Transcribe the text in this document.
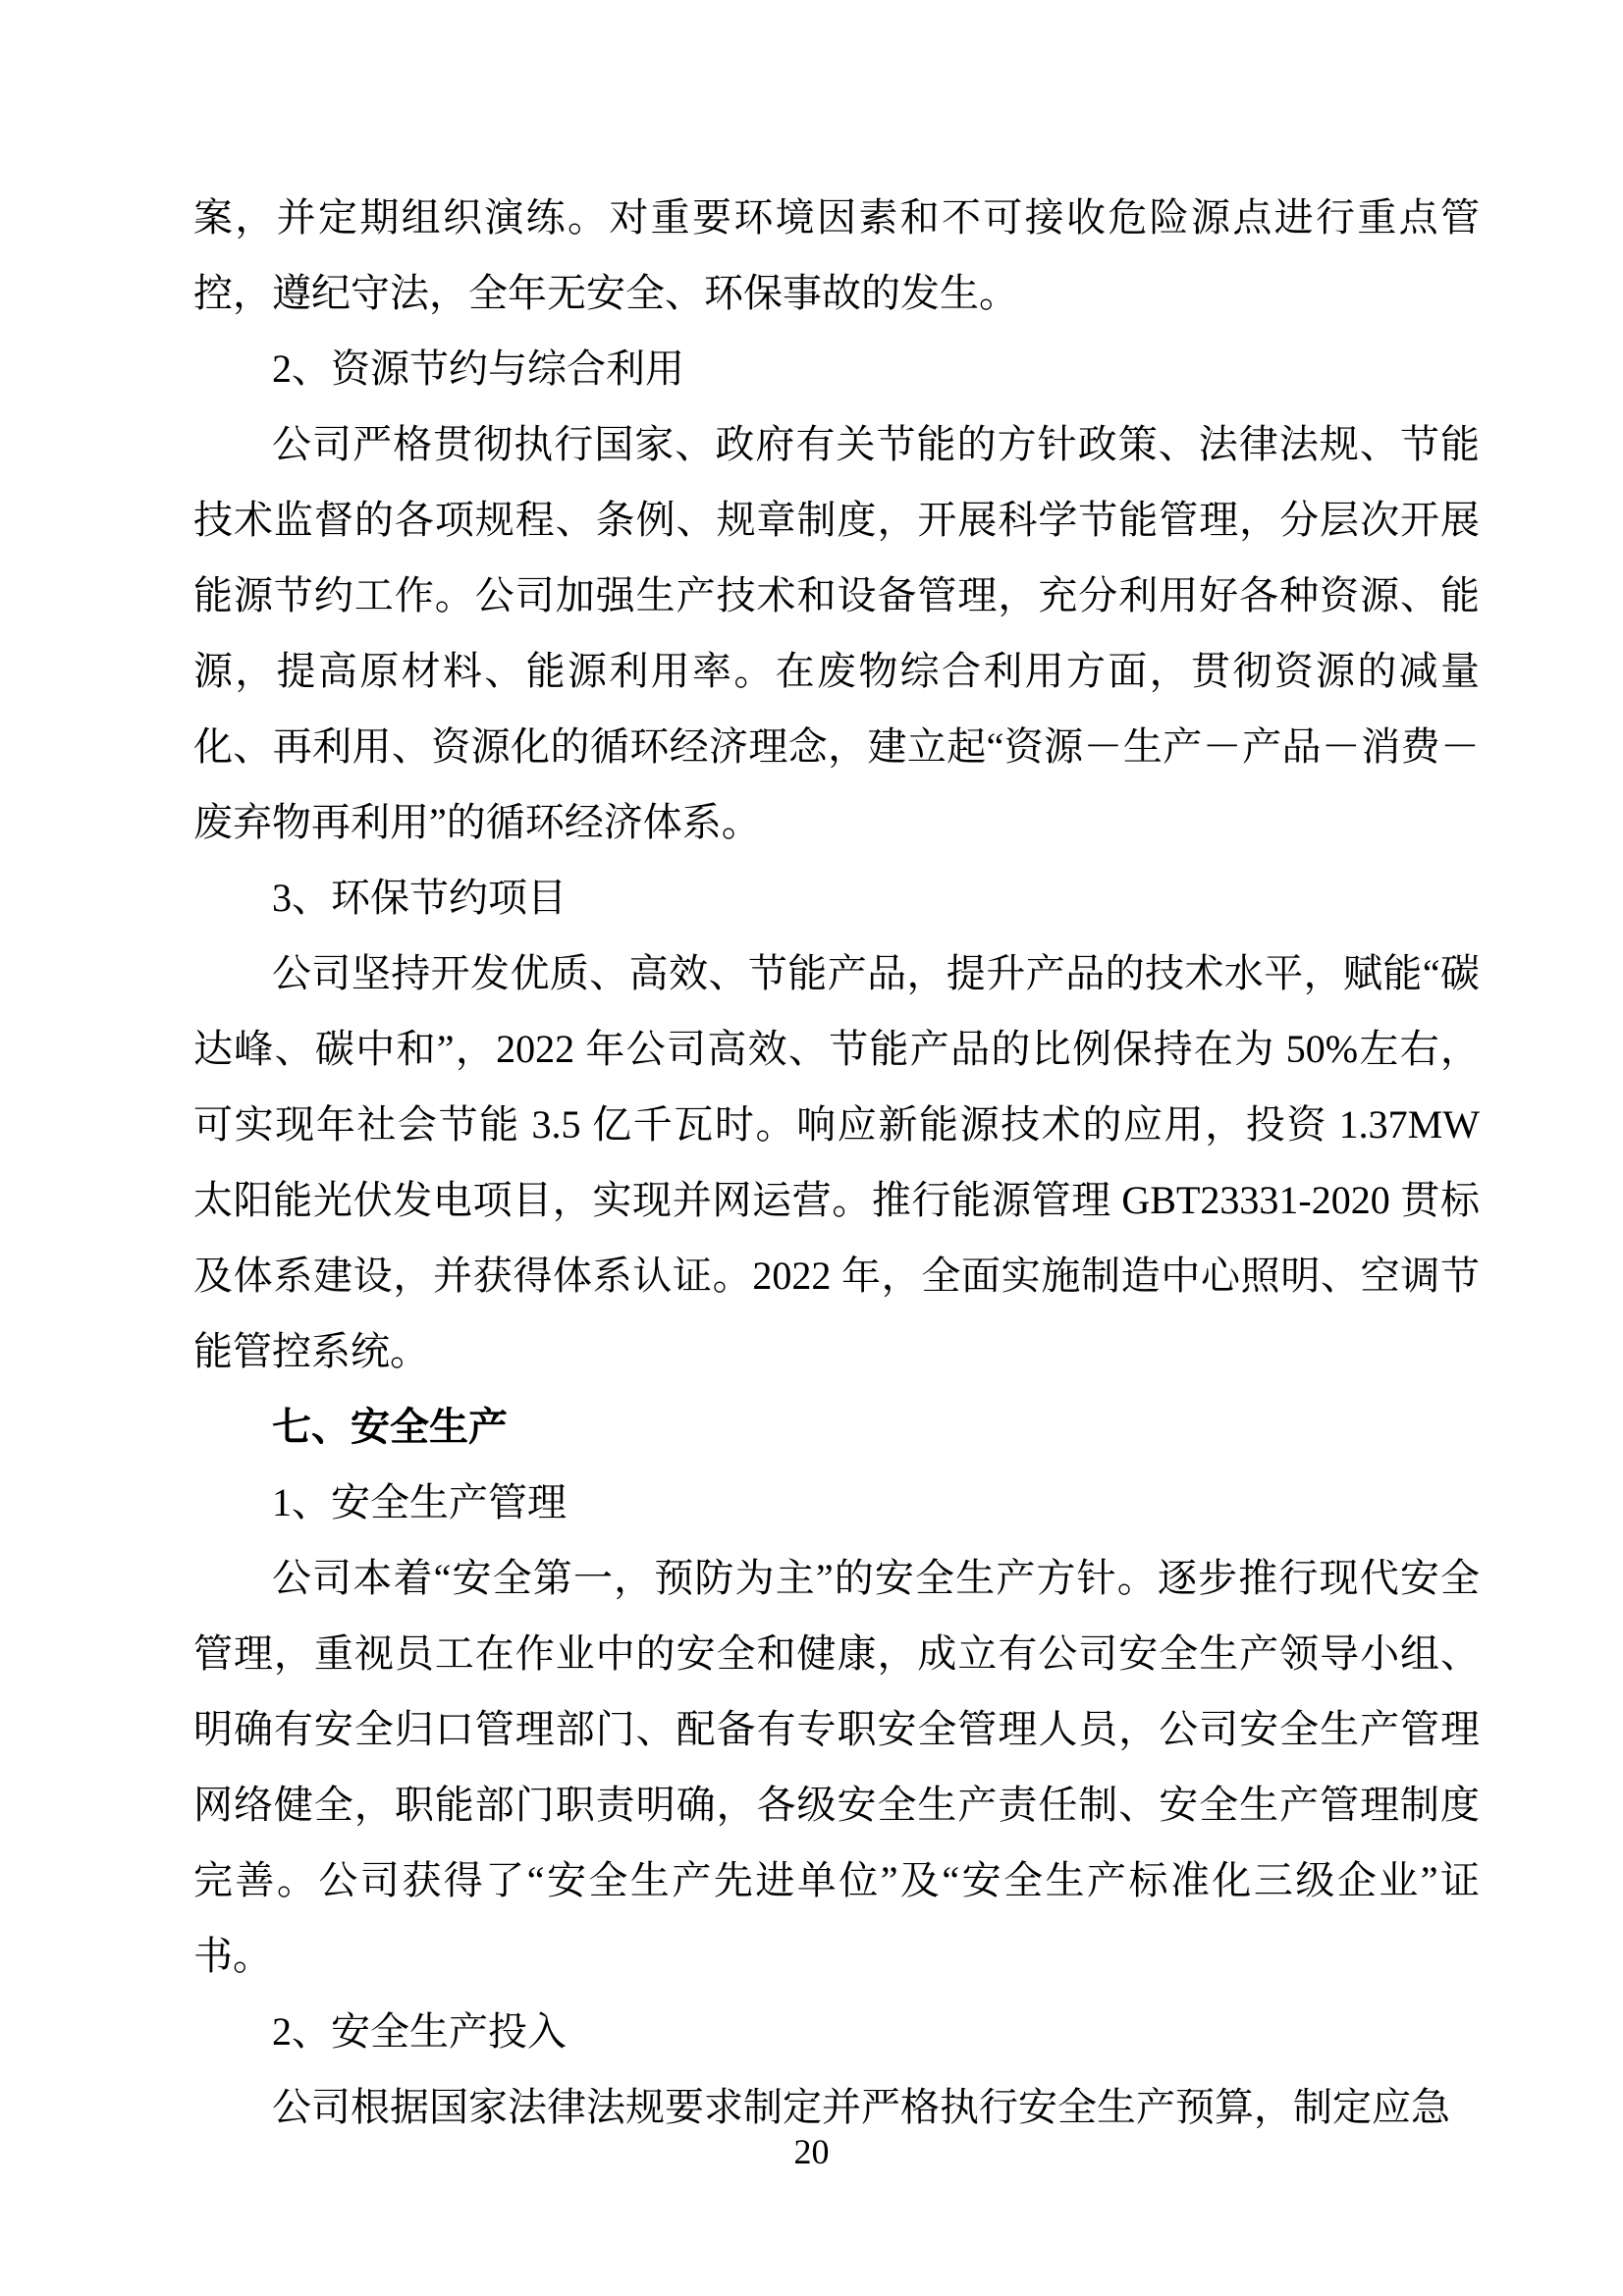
案，并定期组织演练。对重要环境因素和不可接收危险源点进行重点管控，遵纪守法，全年无安全、环保事故的发生。

2、资源节约与综合利用

公司严格贯彻执行国家、政府有关节能的方针政策、法律法规、节能技术监督的各项规程、条例、规章制度，开展科学节能管理，分层次开展能源节约工作。公司加强生产技术和设备管理，充分利用好各种资源、能源，提高原材料、能源利用率。在废物综合利用方面，贯彻资源的减量化、再利用、资源化的循环经济理念，建立起“资源－生产－产品－消费－废弃物再利用”的循环经济体系。

3、环保节约项目

公司坚持开发优质、高效、节能产品，提升产品的技术水平，赋能“碳达峰、碳中和”，2022 年公司高效、节能产品的比例保持在为 50%左右，可实现年社会节能 3.5 亿千瓦时。响应新能源技术的应用，投资 1.37MW 太阳能光伏发电项目，实现并网运营。推行能源管理 GBT23331-2020 贯标及体系建设，并获得体系认证。2022 年，全面实施制造中心照明、空调节能管控系统。

七、安全生产

1、安全生产管理

公司本着“安全第一，预防为主”的安全生产方针。逐步推行现代安全管理，重视员工在作业中的安全和健康，成立有公司安全生产领导小组、明确有安全归口管理部门、配备有专职安全管理人员，公司安全生产管理网络健全，职能部门职责明确，各级安全生产责任制、安全生产管理制度完善。公司获得了“安全生产先进单位”及“安全生产标准化三级企业”证书。

2、安全生产投入

公司根据国家法律法规要求制定并严格执行安全生产预算，制定应急

20
